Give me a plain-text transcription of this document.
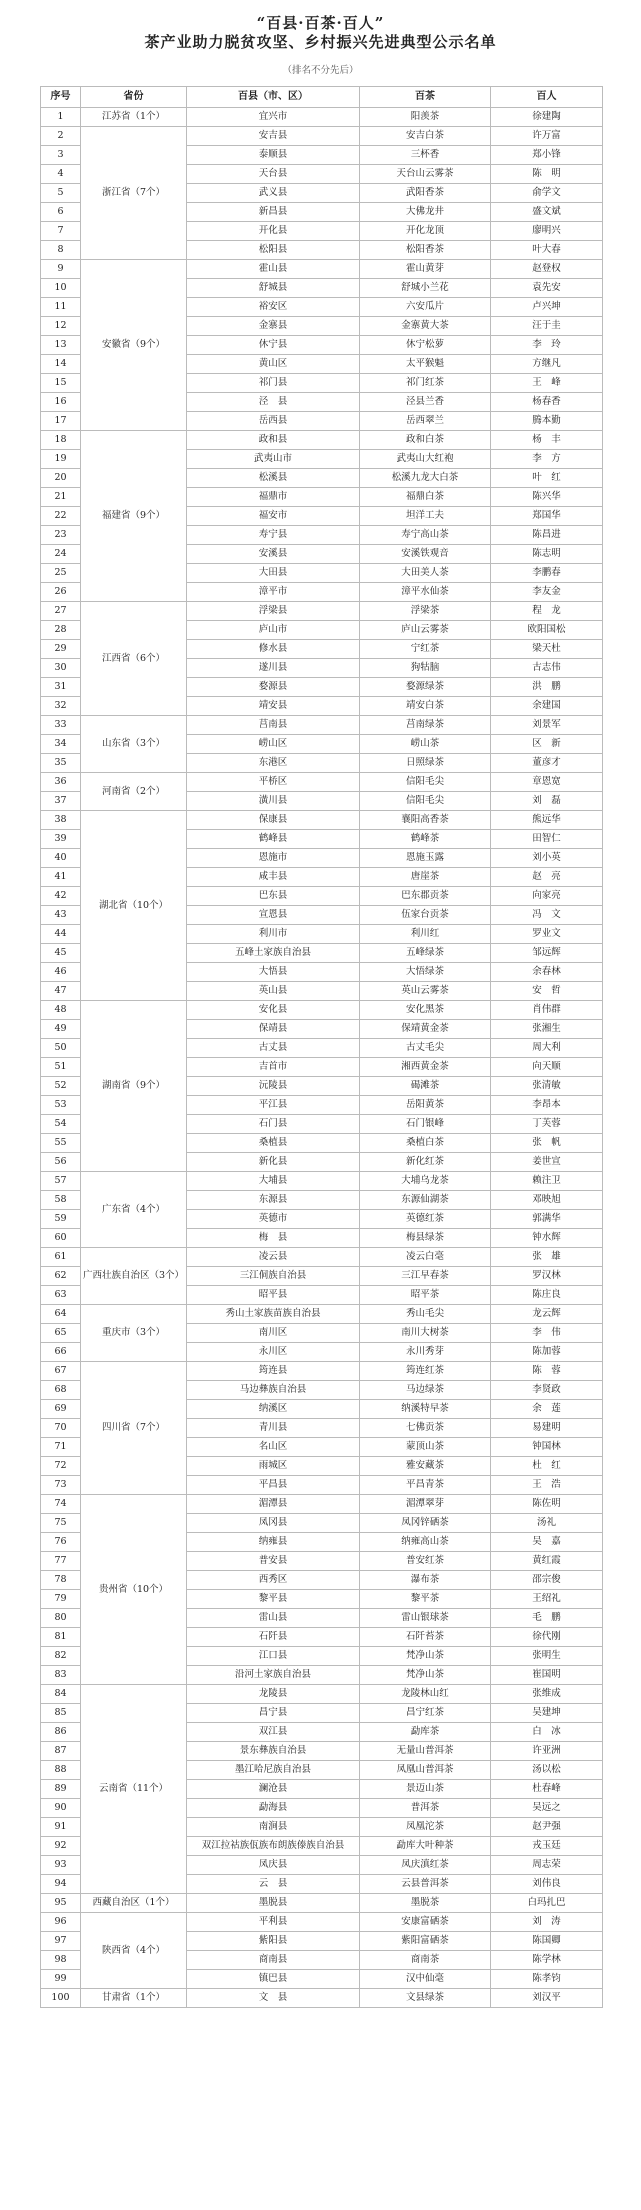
“百县·百茶·百人”
茶产业助力脱贫攻坚、乡村振兴先进典型公示名单
（排名不分先后）
序号	省份	百县（市、区）	百茶	百人
1	江苏省（1个）	宜兴市	阳羡茶	徐建陶
2	浙江省（7个）	安吉县	安吉白茶	许万富
3		泰顺县	三杯香	郑小锋
4		天台县	天台山云雾茶	陈　明
5		武义县	武阳香茶	俞学文
6		新昌县	大佛龙井	盛文斌
7		开化县	开化龙顶	廖明兴
8		松阳县	松阳香茶	叶大春
9	安徽省（9个）	霍山县	霍山黄芽	赵登权
10		舒城县	舒城小兰花	袁先安
11		裕安区	六安瓜片	卢兴坤
12		金寨县	金寨黄大茶	汪于圭
13		休宁县	休宁松萝	李　玲
14		黄山区	太平猴魁	方继凡
15		祁门县	祁门红茶	王　峰
16		泾　县	泾县兰香	杨春香
17		岳西县	岳西翠兰	腾本勤
18	福建省（9个）	政和县	政和白茶	杨　丰
19		武夷山市	武夷山大红袍	李　方
20		松溪县	松溪九龙大白茶	叶　红
21		福鼎市	福鼎白茶	陈兴华
22		福安市	坦洋工夫	郑国华
23		寿宁县	寿宁高山茶	陈昌进
24		安溪县	安溪铁观音	陈志明
25		大田县	大田美人茶	李鹏春
26		漳平市	漳平水仙茶	李友金
27	江西省（6个）	浮梁县	浮梁茶	程　龙
28		庐山市	庐山云雾茶	欧阳国松
29		修水县	宁红茶	梁天杜
30		遂川县	狗牯脑	古志伟
31		婺源县	婺源绿茶	洪　鹏
32		靖安县	靖安白茶	余建国
33	山东省（3个）	莒南县	莒南绿茶	刘景军
34		崂山区	崂山茶	区　新
35		东港区	日照绿茶	董彦才
36	河南省（2个）	平桥区	信阳毛尖	章恩宽
37		潢川县	信阳毛尖	刘　磊
38	湖北省（10个）	保康县	襄阳高香茶	熊远华
39		鹤峰县	鹤峰茶	田智仁
40		恩施市	恩施玉露	刘小英
41		咸丰县	唐崖茶	赵　亮
42		巴东县	巴东郡贡茶	向家亮
43		宣恩县	伍家台贡茶	冯　文
44		利川市	利川红	罗业文
45		五峰土家族自治县	五峰绿茶	邹远辉
46		大悟县	大悟绿茶	余春林
47		英山县	英山云雾茶	安　哲
48	湖南省（9个）	安化县	安化黑茶	肖伟群
49		保靖县	保靖黄金茶	张湘生
50		古丈县	古丈毛尖	周大利
51		吉首市	湘西黄金茶	向天顺
52		沅陵县	碣滩茶	张清敏
53		平江县	岳阳黄茶	李昂本
54		石门县	石门银峰	丁芙蓉
55		桑植县	桑植白茶	张　帆
56		新化县	新化红茶	姜世宣
57	广东省（4个）	大埔县	大埔乌龙茶	赖注卫
58		东源县	东源仙湖茶	邓映旭
59		英德市	英德红茶	郭满华
60		梅　县	梅县绿茶	钟水辉
61	广西壮族自治区（3个）	凌云县	凌云白毫	张　雄
62		三江侗族自治县	三江早春茶	罗汉林
63		昭平县	昭平茶	陈庄良
64	重庆市（3个）	秀山土家族苗族自治县	秀山毛尖	龙云辉
65		南川区	南川大树茶	李　伟
66		永川区	永川秀芽	陈加蓉
67	四川省（7个）	筠连县	筠连红茶	陈　蓉
68		马边彝族自治县	马边绿茶	李贤政
69		纳溪区	纳溪特早茶	余　莲
70		青川县	七佛贡茶	易建明
71		名山区	蒙顶山茶	钟国林
72		雨城区	雅安藏茶	杜　红
73		平昌县	平昌青茶	王　浩
74	贵州省（10个）	湄潭县	湄潭翠芽	陈佐明
75		凤冈县	凤冈锌硒茶	汤礼
76		纳雍县	纳雍高山茶	吴　嘉
77		普安县	普安红茶	黄红霞
78		西秀区	瀑布茶	邵宗俊
79		黎平县	黎平茶	王绍礼
80		雷山县	雷山银球茶	毛　鹏
81		石阡县	石阡苔茶	徐代刚
82		江口县	梵净山茶	张明生
83		沿河土家族自治县	梵净山茶	崔国明
84	云南省（11个）	龙陵县	龙陵林山红	张维成
85		昌宁县	昌宁红茶	吴建坤
86		双江县	勐库茶	白　冰
87		景东彝族自治县	无量山普洱茶	许亚洲
88		墨江哈尼族自治县	凤凰山普洱茶	汤以松
89		澜沧县	景迈山茶	杜春峰
90		勐海县	普洱茶	吴远之
91		南涧县	凤凰沱茶	赵尹强
92		双江拉祜族佤族布朗族傣族自治县	勐库大叶种茶	戎玉廷
93		凤庆县	凤庆滇红茶	周志荣
94		云　县	云县普洱茶	刘伟良
95	西藏自治区（1个）	墨脱县	墨脱茶	白玛扎巴
96	陕西省（4个）	平利县	安康富硒茶	刘　涛
97		紫阳县	紫阳富硒茶	陈国卿
98		商南县	商南茶	陈学林
99		镇巴县	汉中仙毫	陈孝钧
100	甘肃省（1个）	文　县	文县绿茶	刘汉平
